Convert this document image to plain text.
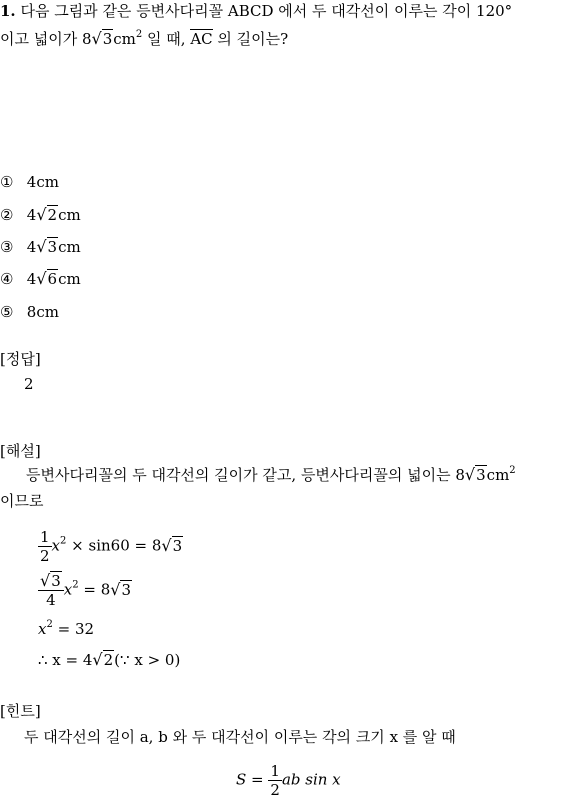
1. 다음 그림과 같은 등변사다리꼴 ABCD 에서 두 대각선이 이루는 각이 120°
이고 넓이가 $8√3cm^2$ 일 때, AC 의 길이는?
① 4cm
② 4√2cm
③ 4√3cm
④ 4√6cm
⑤ 8cm
[정답]
2
[해설]
등변사다리꼴의 두 대각선의 길이가 같고, 등변사다리꼴의 넓이는 $8√3cm^2$
이므로
$\frac{1}{2} x^2 \times \sin 60 = 8√3$
$\frac{√3}{4} x^2 = 8√3$
$x^2 = 32$
∴ x = 4√2(∵ x > 0)
[힌트]
두 대각선의 길이 a, b 와 두 대각선이 이루는 각의 크기 x 를 알 때
$S = \frac{1}{2}$ ab sin x
